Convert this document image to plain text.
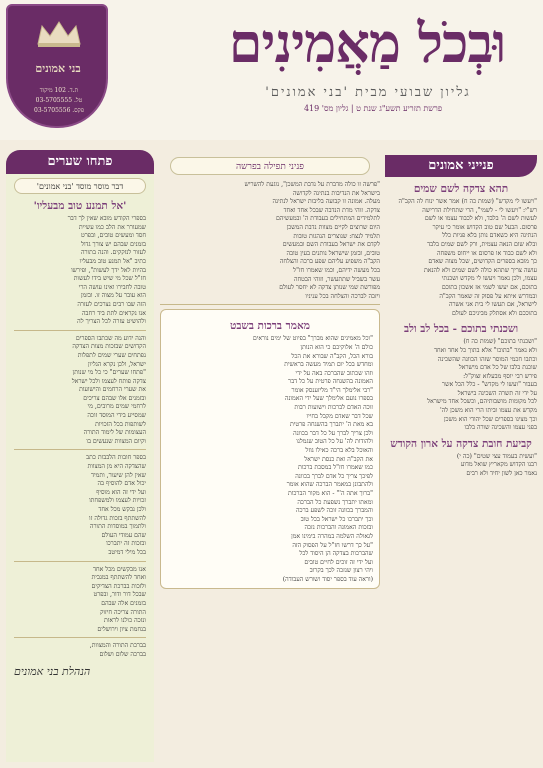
בני אמונים
ת.ד. 102 מיקוד
טל. 03-5705555
פקס. 03-5705556
וּבְכֹל מַאֲמִינִים
גליון שבועי מבית 'בני אמונים'
פרשת תזריע תשע"ג שנת ט | גליון מס' 419
פנייני אמונים
תהא צדקה לשם שמים
"ויעשו לי מקדש" (שמות כה ח) אמר אשר ינוח לה הקב"ה
רש"י: "ויעשו לי - לשמי", הרי שתחילת הדרישה
לעשות לשם ה' בלבד, ולא לכבוד עצמו או לשם
פרסום. הבעל שם טוב הקדוש אומר כי עיקר
הנתינה היא כשאדם נותן בלא פניות כלל
ובלא שום הנאה עצמית, ורק לשם שמים בלבד
ולא לשם כבוד או פרסום או ייחוס משפחה
כך מובא בספרים הקדושים, שכל מצוה שאדם
עושה צריך שתהא כולה לשם שמים ולא להנאת
עצמו, ולכן נאמר ויעשו לי מקדש ושכנתי
בתוכם, אם יעשו לשמי אז אשכון בתוכם
ובמדרש איתא על פסוק זה שאמר הקב"ה
לישראל, אם תעשו לי בית אני אשרה
בתוככם ולא אסתלק מביניכם לעולם
ושכנתי בתוכם - בכל לב ולב
"ושכנתי בתוכם" (שמות כה ח)
ולא נאמר "בתוכו" אלא בתוך כל אחד ואחד
וכתבו חכמי המוסר שזהו הכוונה שהשכינה
שוכנת בלבו של כל אדם מישראל
פירש רבי יוסף מבעלזא זצוק"ל:
בעבור "ועשו לי מקדש" - כלל הכל אשר
על ידי זה תשרה השכינה בישראל
לכל מקומות מושבותיהם, וכשכל אחד מישראל
מקדש את עצמו וביתו הרי הוא משכן לה'
וכך מצינו בספרים שכל יהודי הוא משכן
בפני עצמו והשכינה שורה בלבו
קביעת חובת צדקה על ארון הקודש
"ועשית בעמוד עצי שטים" (כה י)
רבנו הקדוש מקאריץ שואל מדוע
נאמר כאן לשון יחיד ולא רבים
פניני תפילה בפרשה
"פרשה זו כולה מדברת על נדבת המשכן", נוגעת להשריש
בישראל את הנדיבות בנתינה לקדושה
מעלה. אמונה זו קבועה בליבות ישראל לנתינה
צדקה. זוהי מדת הנדבה שבכל אחד ואחד
לתלמידים המתחילים בעבודת ה' ובמעשיהם
היום שרוצים לקיים מצוות נדבת המשכן
תלמיד לנצח: שנוצרים הנהגות טובות
לקדם את ישראל בעבודת השם ובמעשים
טובים, ובזמן שישראל נותנים בעין טובה
הקב"ה משפיע עליהם שפע ברכה והצלחה
בכל מעשה ידיהם, וכמו שאמרו חז"ל
עשר בשביל שתתעשר, וזוהי הבטחה
מפורשת שמי שנותן צדקה לא יחסר לעולם
ויזכה לברכה והצלחה בכל עניניו
מאמר ברכות בשבט
"וכל מאמינים שהוא מברך" בפיוט של ימים נוראים
כולם ה' אלוקיכם כי הוא הנותן
בורא הכל, הקב"ה שבורא את הכל
ומחדש בכל יום תמיד מעשה בראשית
וזהו שכתוב שהברכה באה על ידי
האמונה בהשגחה פרטית על כל דבר
"רבי אלימלך הי"ד מליזענסק אומר
בספרו נועם אלימלך שעל ידי האמונה
זוכה האדם לברכות וישועות רבות
שכל דבר שאדם מקבל בחייו
בא מאת ה' יתברך בהשגחה פרטית
ולכן צריך לברך על כל דבר בכוונה
ולהודות לה' על כל הטוב שגמלנו
והאוכל בלא ברכה כאילו גוזל
את הקב"ה ואת כנסת ישראל
כמו שאמרו חז"ל במסכת ברכות
לפיכך צריך כל אדם לברך בכוונה
ולהתבונן במאמר הברכה שהוא אומר
"ברוך אתה ה'" - הוא מקור הברכות
ומאתו יתברך נשפעת כל הברכה
והמברך בכוונה זוכה לשפע ברכה
וכך יתברכו כל ישראל בכל טוב
ובזכות האמונה והברכות נזכה
לגאולה השלמה במהרה בימינו אמן
"על כך דרשו חז"ל על הפסוק הזה
שהברכות בצדקה הן היסוד לכל
ועל ידי זה זוכים לחיים טובים
ויהי רצון שנזכה לכך בקרוב
(וראה עוד בספר יסוד ושורש העבודה)
פתחו שערים
דבר מוסר מוסד 'בני אמונים'
'אל תמנע טוב מבעליו'
בספרי הקודש מובא שאין לך דבר
שמעורר את הלב כמו עשיית
חסד ומעשים טובים, ובפרט
בזמנים שבהם יש צורך גדול
לעזור לנזקקים. והנה בתורה
כתיב "אל תמנע טוב מבעליו
בהיות לאל ידך לעשות", ופירשו
חז"ל שכל מי שיש בידו לעשות
טובה לחבירו ואינו עושה הרי
הוא עובר על מצוה זו. ובזמן
הזה שבו רבים נצרכים לעזרה
אנו נקראים לתת ביד רחבה
ולהושיט עזרה לכל הצריך לה
והנה ידוע מה שכתבו הספרים
הקדושים שבזכות מצות הצדקה
נפתחים שערי שמים לתפלות
ישראל, ולכן נקרא הגליון
"פתחו שערים" כי כל מי שנותן
צדקה פותח לעצמו ולכל ישראל
את שערי הרחמים והישועות
ובזמנים אלו שבהם צריכים
לרחמי שמים מרובים, מי
שמסייע בידי המוסד זוכה
לשותפות בכל הזכויות
העצומות של לימוד התורה
וקיום המצוות שנעשים בו
בספר חובות הלבבות כתב
שהצדקה היא מן המצוות
שאין להן שיעור, ותמיד
יכול אדם להוסיף בה
ועל ידי זה הוא מוסיף
זכויות לעצמו ולמשפחתו
ולכן נבקש מכל אחד
להשתתף בזכות גדולה זו
ולתמוך במוסדות התורה
שהם עמודי העולם
ובזכות זה יתברכו
בכל מילי דמיטב
אנו מבקשים מכל אחד
ואחד להשתתף במגבית
ולזכות בברכת הצדיקים
שבכל דור ודור, ובפרט
בזמנים אלה שבהם
התורה צריכה חיזוק
ונזכה כולנו לראות
בנחמת ציון וירושלים
בברכת התורה והמצוות,
בברכה שלום ושלום
הנהלת בני אמונים
